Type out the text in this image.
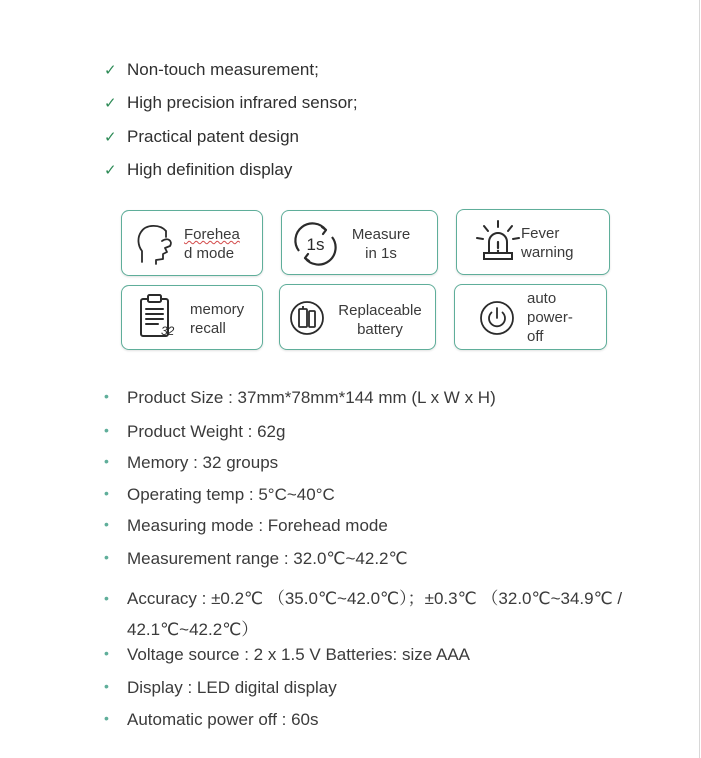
✓ Non-touch measurement;
✓ High precision infrared sensor;
✓ Practical patent design
✓ High definition display
Forehea
d mode	1s
Measure
in 1s
Fever
warning
32
memory
recall
Replaceable
battery
auto
power-
off
•	Product Size : 37mm*78mm*144 mm (L x W x H)
•	Product Weight : 62g
•	Memory : 32 groups
•	Operating temp : 5°C~40°C
•	Measuring mode : Forehead mode
•	Measurement range : 32.0℃~42.2℃
•	Accuracy : ±0.2℃ （35.0℃~42.0℃）；±0.3℃ （32.0℃~34.9℃ /
42.1℃~42.2℃）
•	Voltage source : 2 x 1.5 V Batteries: size AAA
•	Display : LED digital display
•	Automatic power off : 60s
